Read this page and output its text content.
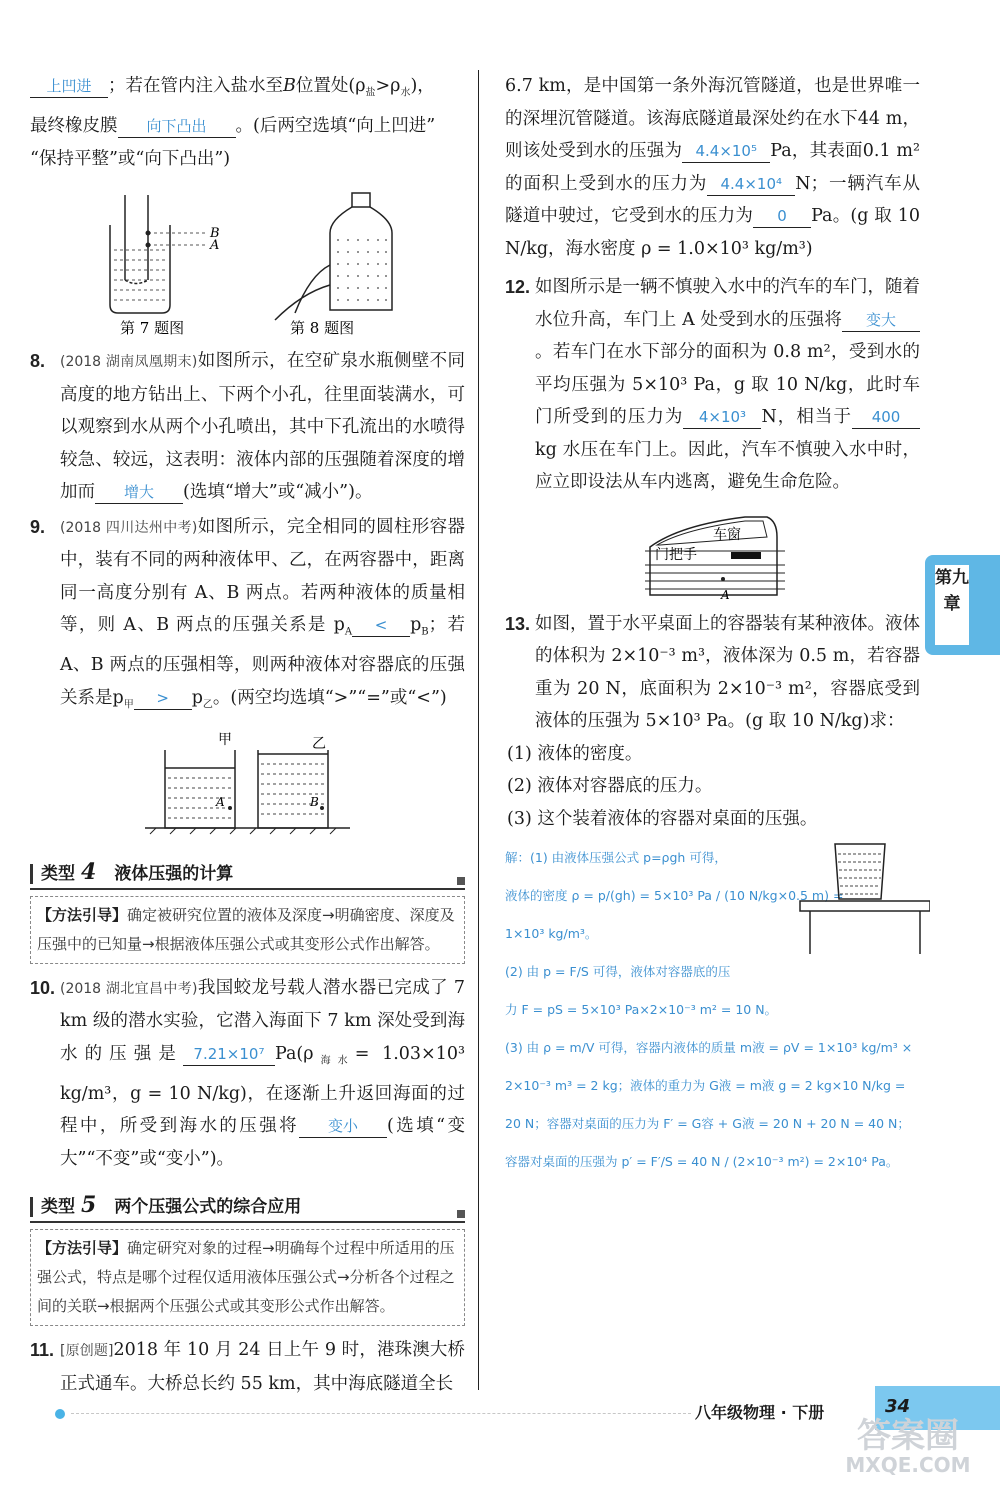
上凹进 ；若在管内注入盐水至B位置处$(\rho_盐>\rho_水)$，
最终橡皮膜 向下凸出 。(后两空选填“向上凹进”
“保持平整”或“向下凸出”)

B
A
第 7 题图	第 8 题图
8. (2018 湖南凤凰期末)如图所示，在空矿泉水瓶侧壁不同高度的地方钻出上、下两个小孔，往里面装满水，可以观察到水从两个小孔喷出，其中下孔流出的水喷得较急、较远，这表明：液体内部的压强随着深度的增加而 增大 (选填“增大”或“减小”)。
9. (2018 四川达州中考)如图所示，完全相同的圆柱形容器中，装有不同的两种液体甲、乙，在两容器中，距离同一高度分别有 A、B 两点。若两种液体的质量相等，则 A、B 两点的压强关系是 $p_A < p_B$；若 A、B 两点的压强相等，则两种液体对容器底的压强关系是$p_甲 > p_乙$。(两空均选填“>”“=”或“<”)
甲	乙
A	B
类型 4 液体压强的计算
【方法引导】确定被研究位置的液体及深度→明确密度、深度及压强中的已知量→根据液体压强公式或其变形公式作出解答。
10. (2018 湖北宜昌中考)我国蛟龙号载人潜水器已完成了 7 km 级的潜水实验，它潜入海面下 7 km 深处受到海水的压强是 7.21×10⁷ $Pa(\rho_{海水}= 1.03\times 10^3$ kg/m³，g = 10 N/kg)，在逐渐上升返回海面的过程中，所受到海水的压强将 变小 (选填“变大”“不变”或“变小”)。
类型 5 两个压强公式的综合应用
【方法引导】确定研究对象的过程→明确每个过程中所适用的压强公式，特点是哪个过程仅适用液体压强公式→分析各个过程之间的关联→根据两个压强公式或其变形公式作出解答。
11. [原创题]2018 年 10 月 24 日上午 9 时，港珠澳大桥正式通车。大桥总长约 55 km，其中海底隧道全长

6.7 km，是中国第一条外海沉管隧道，也是世界唯一的深埋沉管隧道。该海底隧道最深处约在水下44 m，则该处受到水的压强为 4.4×10⁵ Pa，其表面0.1 m² 的面积上受到水的压力为 4.4×10⁴ N；一辆汽车从隧道中驶过，它受到水的压力为 0 Pa。(g 取 10 N/kg，海水密度 ρ = 1.0×10³ kg/m³)

12. 如图所示是一辆不慎驶入水中的汽车的车门，随着水位升高，车门上 A 处受到水的压强将 变大。若车门在水下部分的面积为 0.8 m²，受到水的平均压强为 5×10³ Pa，g 取 10 N/kg，此时车门所受到的压力为 4×10³ N，相当于 400kg 水压在车门上。因此，汽车不慎驶入水中时，应立即设法从车内逃离，避免生命危险。
车窗
门把手
A
13. 如图，置于水平桌面上的容器装有某种液体。液体的体积为 2×10⁻³ m³，液体深为 0.5 m，若容器重为 20 N，底面积为 2×10⁻³ m²，容器底受到液体的压强为 5×10³ Pa。(g 取 10 N/kg)求：

(1) 液体的密度。

(2) 液体对容器底的压力。

(3) 这个装着液体的容器对桌面的压强。

解：(1) 由液体压强公式 p=ρgh 可得，
液体的密度 ρ = p/(gh) = 5×10³ Pa / (10 N/kg×0.5 m) =
1×10³ kg/m³。
(2) 由 p = F/S 可得，液体对容器底的压
力 F = pS = 5×10³ Pa×2×10⁻³ m² = 10 N。
(3) 由 ρ = m/V 可得，容器内液体的质量 m液 = ρV = 1×10³ kg/m³ ×
2×10⁻³ m³ = 2 kg；液体的重力为 G液 = m液 g = 2 kg×10 N/kg =
20 N；容器对桌面的压力为 F′ = G容 + G液 = 20 N + 20 N = 40 N；
容器对桌面的压强为 p′ = F′/S = 40 N / (2×10⁻³ m²) = 2×10⁴ Pa。
第九章
八年级物理 · 下册	34
答案圈
MXQE.COM
